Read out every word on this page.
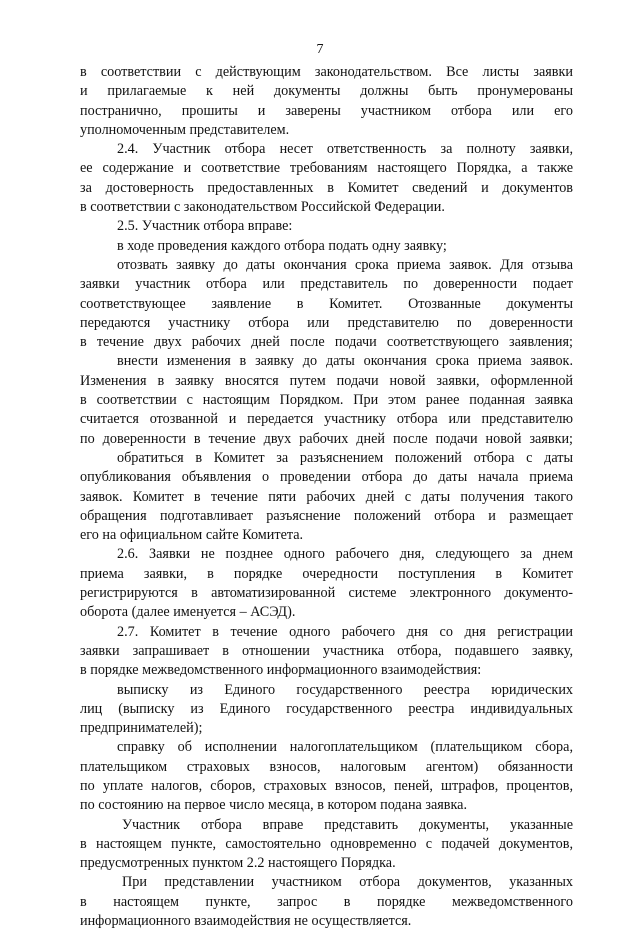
7
в соответствии с действующим законодательством. Все листы заявки
и прилагаемые к ней документы должны быть пронумерованы
постранично, прошиты и заверены участником отбора или его
уполномоченным представителем.
2.4. Участник отбора несет ответственность за полноту заявки,
ее содержание и соответствие требованиям настоящего Порядка, а также
за достоверность предоставленных в Комитет сведений и документов
в соответствии с законодательством Российской Федерации.
2.5. Участник отбора вправе:
в ходе проведения каждого отбора подать одну заявку;
отозвать заявку до даты окончания срока приема заявок. Для отзыва
заявки участник отбора или представитель по доверенности подает
соответствующее заявление в Комитет. Отозванные документы
передаются участнику отбора или представителю по доверенности
в течение двух рабочих дней после подачи соответствующего заявления;
внести изменения в заявку до даты окончания срока приема заявок.
Изменения в заявку вносятся путем подачи новой заявки, оформленной
в соответствии с настоящим Порядком. При этом ранее поданная заявка
считается отозванной и передается участнику отбора или представителю
по доверенности в течение двух рабочих дней после подачи новой заявки;
обратиться в Комитет за разъяснением положений отбора с даты
опубликования объявления о проведении отбора до даты начала приема
заявок. Комитет в течение пяти рабочих дней с даты получения такого
обращения подготавливает разъяснение положений отбора и размещает
его на официальном сайте Комитета.
2.6. Заявки не позднее одного рабочего дня, следующего за днем
приема заявки, в порядке очередности поступления в Комитет
регистрируются в автоматизированной системе электронного документо-
оборота (далее именуется – АСЭД).
2.7. Комитет в течение одного рабочего дня со дня регистрации
заявки запрашивает в отношении участника отбора, подавшего заявку,
в порядке межведомственного информационного взаимодействия:
выписку из Единого государственного реестра юридических
лиц (выписку из Единого государственного реестра индивидуальных
предпринимателей);
справку об исполнении налогоплательщиком (плательщиком сбора,
плательщиком страховых взносов, налоговым агентом) обязанности
по уплате налогов, сборов, страховых взносов, пеней, штрафов, процентов,
по состоянию на первое число месяца, в котором подана заявка.
Участник отбора вправе представить документы, указанные
в настоящем пункте, самостоятельно одновременно с подачей документов,
предусмотренных пунктом 2.2 настоящего Порядка.
При представлении участником отбора документов, указанных
в настоящем пункте, запрос в порядке межведомственного
информационного взаимодействия не осуществляется.
